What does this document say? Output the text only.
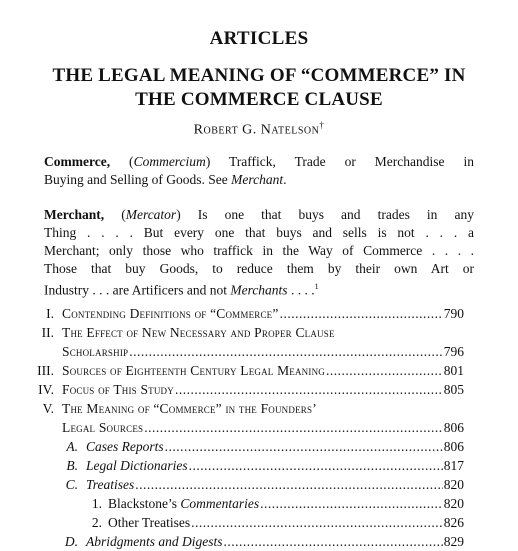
ARTICLES
THE LEGAL MEANING OF “COMMERCE” IN
THE COMMERCE CLAUSE
Robert G. Natelson†
Commerce, (Commercium) Traffick, Trade or Merchandise in
Buying and Selling of Goods. See Merchant.
Merchant, (Mercator) Is one that buys and trades in any
Thing . . . . But every one that buys and sells is not . . . a
Merchant; only those who traffick in the Way of Commerce . . . .
Those that buy Goods, to reduce them by their own Art or
Industry . . . are Artificers and not Merchants . . . .$^1$
I. Contending Definitions of “Commerce” .....	790
II. The Effect of New Necessary and Proper Clause
Scholarship .....	796
III. Sources of Eighteenth Century Legal Meaning .....	801
IV. Focus of This Study .....	805
V. The Meaning of “Commerce” in the Founders’
Legal Sources .....	806
A. Cases Reports .....	806
B. Legal Dictionaries .....	817
C. Treatises .....	820
1. Blackstone’s Commentaries .....	820
2. Other Treatises .....	826
D. Abridgments and Digests .....	829
